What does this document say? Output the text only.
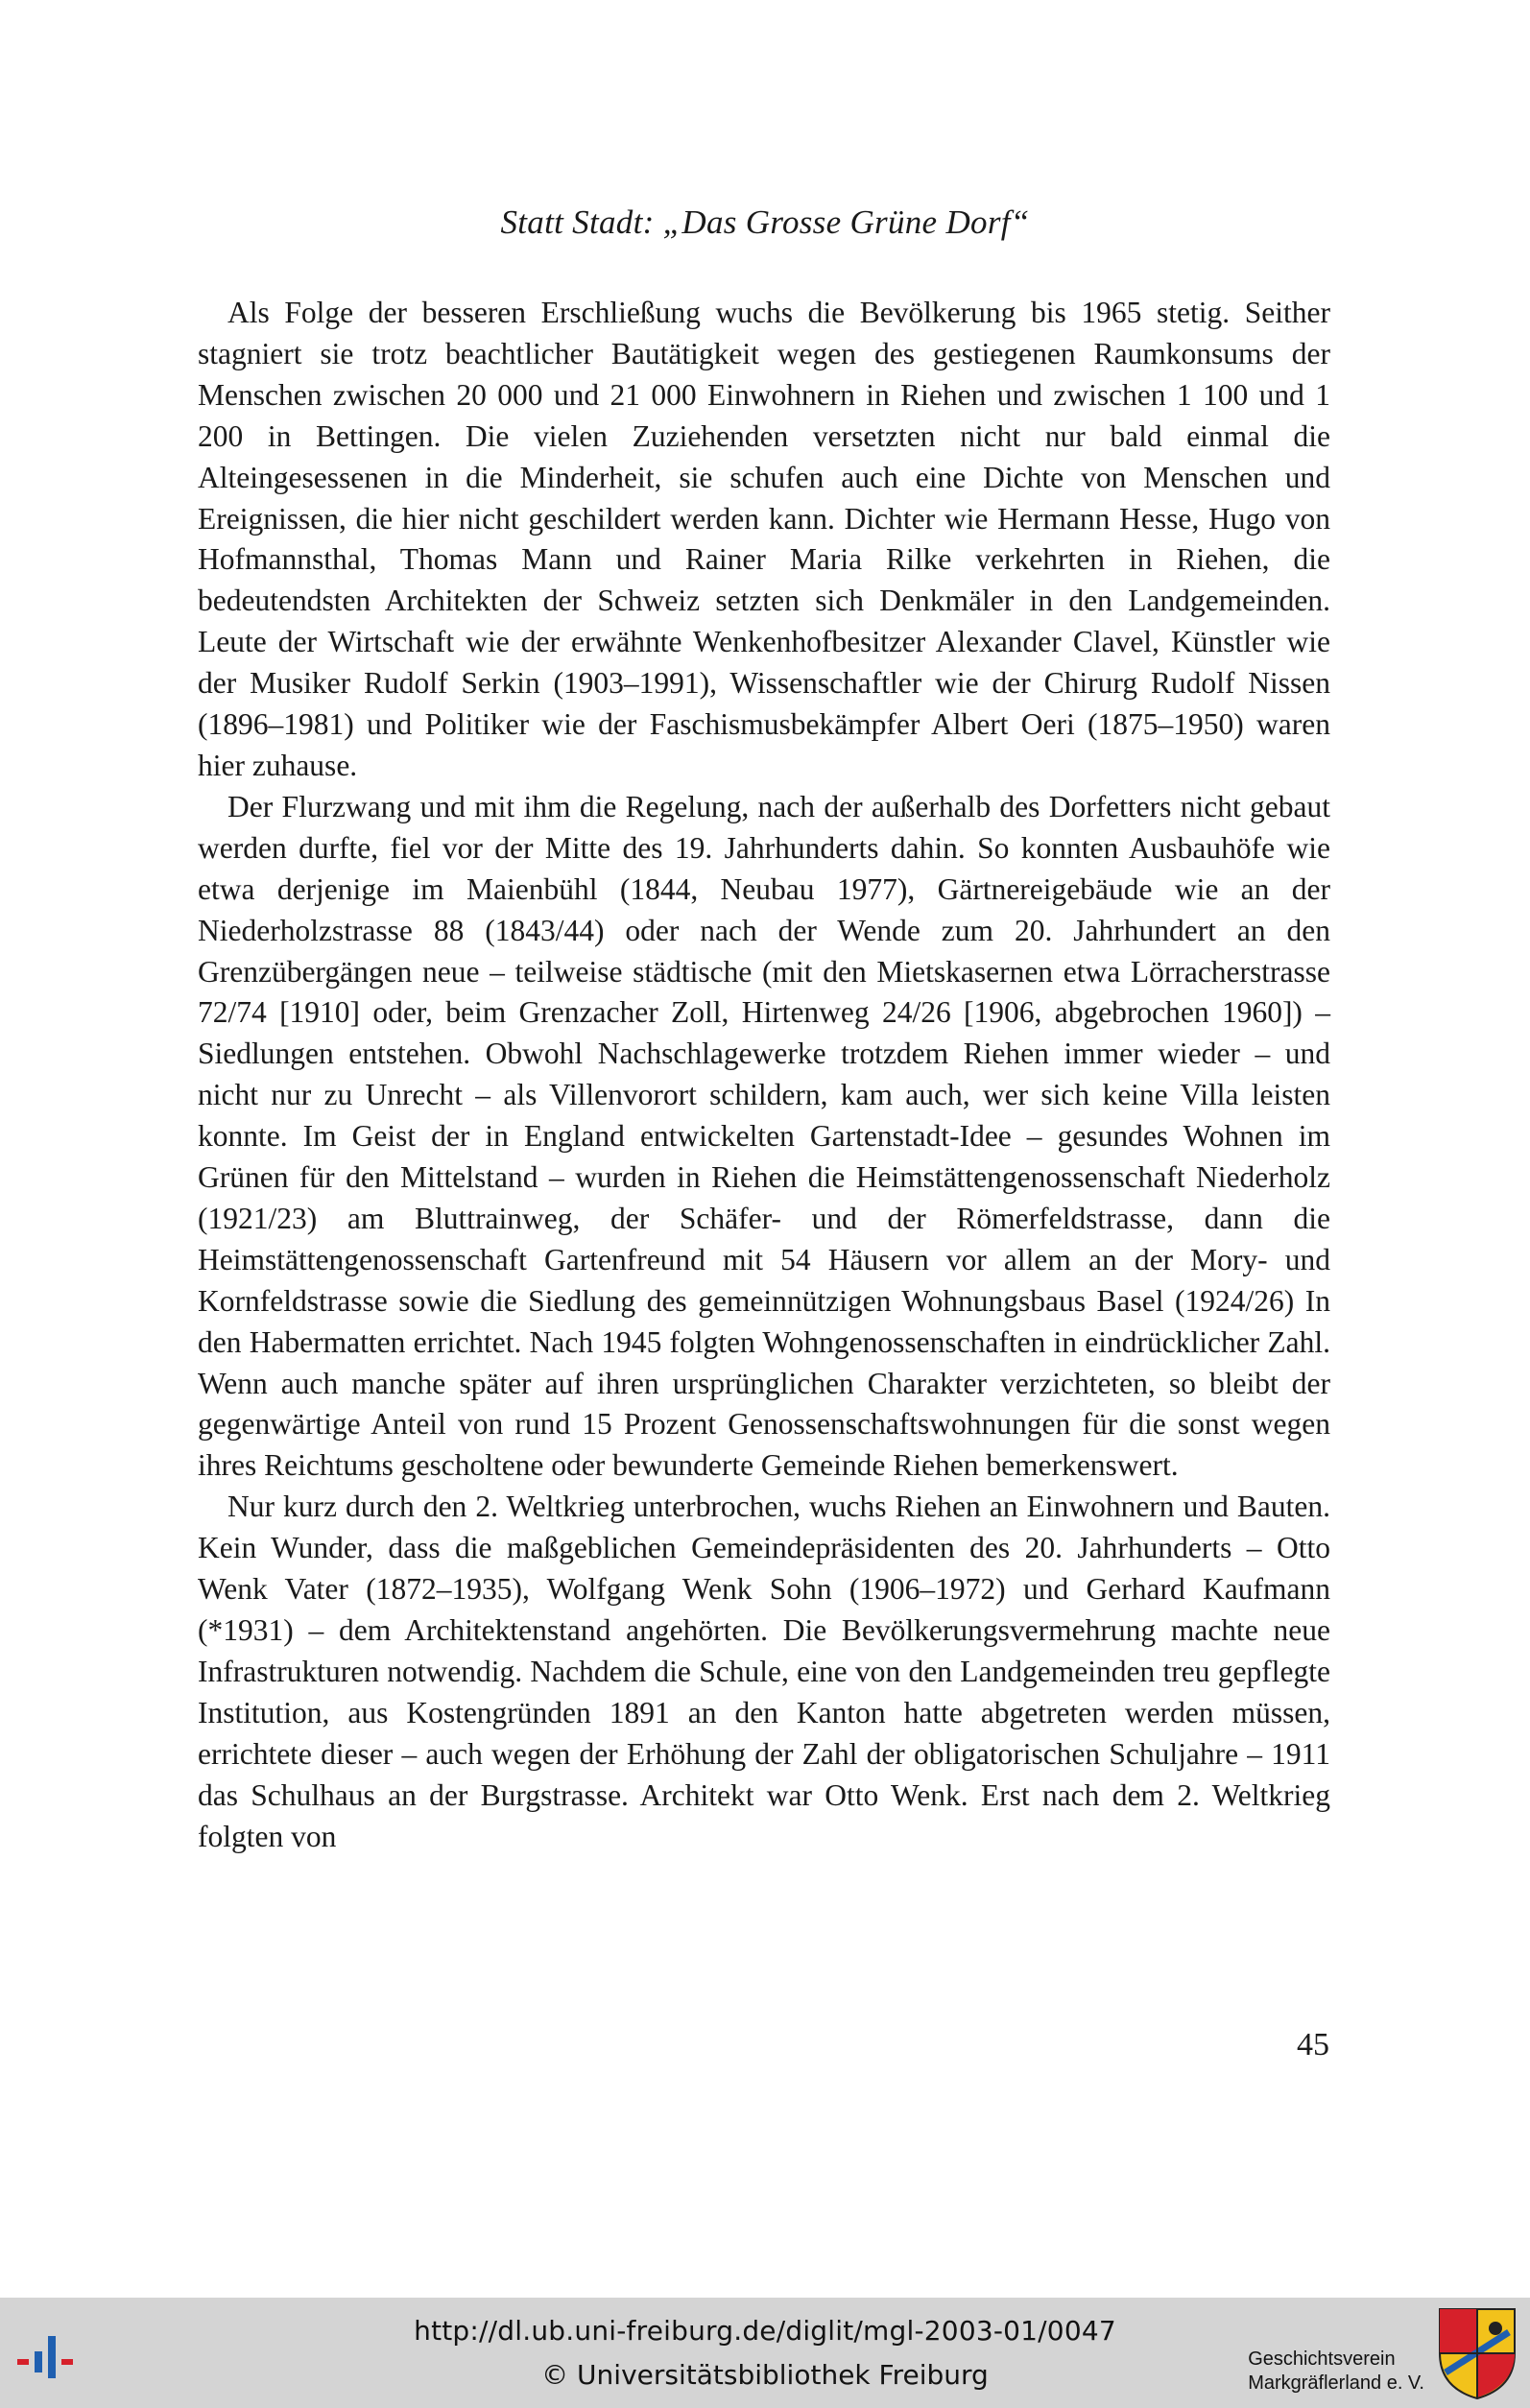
Statt Stadt: „Das Grosse Grüne Dorf“

Als Folge der besseren Erschließung wuchs die Bevölkerung bis 1965 stetig. Seither stagniert sie trotz beachtlicher Bautätigkeit wegen des gestiegenen Raumkonsums der Menschen zwischen 20 000 und 21 000 Einwohnern in Riehen und zwischen 1 100 und 1 200 in Bettingen. Die vielen Zuziehenden versetzten nicht nur bald einmal die Alteingesessenen in die Minderheit, sie schufen auch eine Dichte von Menschen und Ereignissen, die hier nicht geschildert werden kann. Dichter wie Hermann Hesse, Hugo von Hofmannsthal, Thomas Mann und Rainer Maria Rilke verkehrten in Riehen, die bedeutendsten Architekten der Schweiz setzten sich Denkmäler in den Landgemeinden. Leute der Wirtschaft wie der erwähnte Wenkenhofbesitzer Alexander Clavel, Künstler wie der Musiker Rudolf Serkin (1903–1991), Wissenschaftler wie der Chirurg Rudolf Nissen (1896–1981) und Politiker wie der Faschismusbekämpfer Albert Oeri (1875–1950) waren hier zuhause.

Der Flurzwang und mit ihm die Regelung, nach der außerhalb des Dorfetters nicht gebaut werden durfte, fiel vor der Mitte des 19. Jahrhunderts dahin. So konnten Ausbauhöfe wie etwa derjenige im Maienbühl (1844, Neubau 1977), Gärtnereigebäude wie an der Niederholzstrasse 88 (1843/44) oder nach der Wende zum 20. Jahrhundert an den Grenzübergängen neue – teilweise städtische (mit den Mietskasernen etwa Lörracherstrasse 72/74 [1910] oder, beim Grenzacher Zoll, Hirtenweg 24/26 [1906, abgebrochen 1960]) – Siedlungen entstehen. Obwohl Nachschlagewerke trotzdem Riehen immer wieder – und nicht nur zu Unrecht – als Villenvorort schildern, kam auch, wer sich keine Villa leisten konnte. Im Geist der in England entwickelten Gartenstadt-Idee – gesundes Wohnen im Grünen für den Mittelstand – wurden in Riehen die Heimstättengenossenschaft Niederholz (1921/23) am Bluttrainweg, der Schäfer- und der Römerfeldstrasse, dann die Heimstättengenossenschaft Gartenfreund mit 54 Häusern vor allem an der Mory- und Kornfeldstrasse sowie die Siedlung des gemeinnützigen Wohnungsbaus Basel (1924/26) In den Habermatten errichtet. Nach 1945 folgten Wohngenossenschaften in eindrücklicher Zahl. Wenn auch manche später auf ihren ursprünglichen Charakter verzichteten, so bleibt der gegenwärtige Anteil von rund 15 Prozent Genossenschaftswohnungen für die sonst wegen ihres Reichtums gescholtene oder bewunderte Gemeinde Riehen bemerkenswert.

Nur kurz durch den 2. Weltkrieg unterbrochen, wuchs Riehen an Einwohnern und Bauten. Kein Wunder, dass die maßgeblichen Gemeindepräsidenten des 20. Jahrhunderts – Otto Wenk Vater (1872–1935), Wolfgang Wenk Sohn (1906–1972) und Gerhard Kaufmann (*1931) – dem Architektenstand angehörten. Die Bevölkerungsvermehrung machte neue Infrastrukturen notwendig. Nachdem die Schule, eine von den Landgemeinden treu gepflegte Institution, aus Kostengründen 1891 an den Kanton hatte abgetreten werden müssen, errichtete dieser – auch wegen der Erhöhung der Zahl der obligatorischen Schuljahre – 1911 das Schulhaus an der Burgstrasse. Architekt war Otto Wenk. Erst nach dem 2. Weltkrieg folgten von

45
http://dl.ub.uni-freiburg.de/diglit/mgl-2003-01/0047
© Universitätsbibliothek Freiburg	Geschichtsverein
Markgräflerland e. V.
